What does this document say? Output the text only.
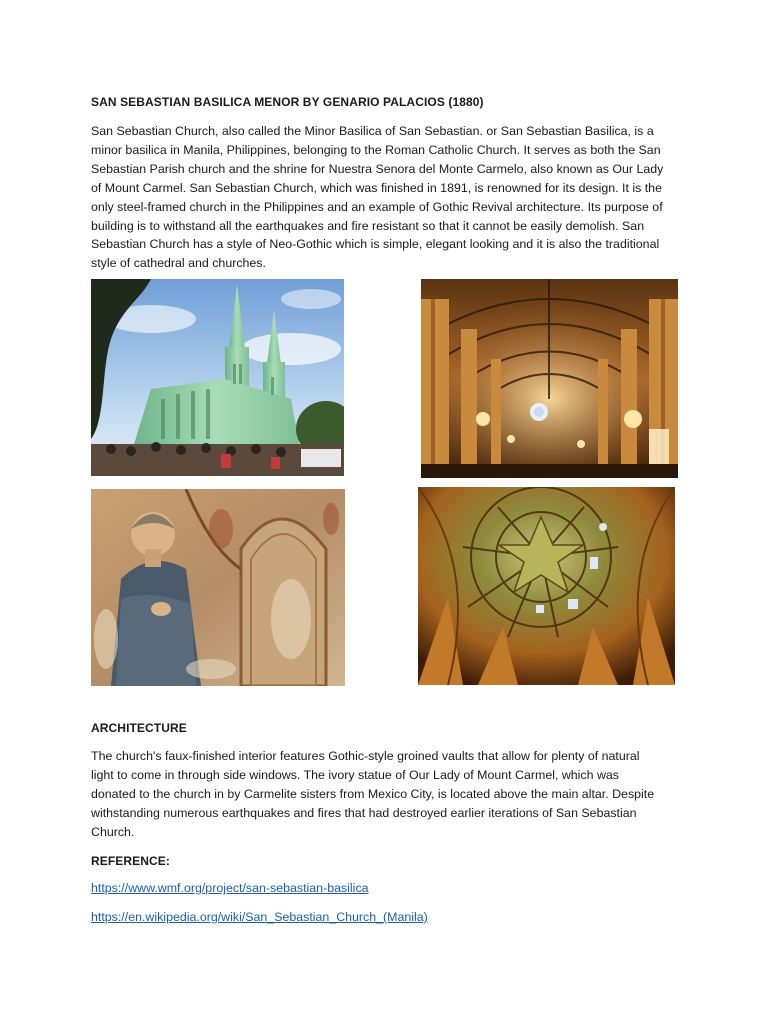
SAN SEBASTIAN BASILICA MENOR BY GENARIO PALACIOS (1880)
San Sebastian Church, also called the Minor Basilica of San Sebastian. or San Sebastian Basilica, is a
minor basilica in Manila, Philippines, belonging to the Roman Catholic Church. It serves as both the San
Sebastian Parish church and the shrine for Nuestra Senora del Monte Carmelo, also known as Our Lady
of Mount Carmel. San Sebastian Church, which was finished in 1891, is renowned for its design. It is the
only steel-framed church in the Philippines and an example of Gothic Revival architecture. Its purpose of
building is to withstand all the earthquakes and fire resistant so that it cannot be easily demolish. San
Sebastian Church has a style of Neo-Gothic which is simple, elegant looking and it is also the traditional
style of cathedral and churches.
ARCHITECTURE
The church's faux-finished interior features Gothic-style groined vaults that allow for plenty of natural
light to come in through side windows. The ivory statue of Our Lady of Mount Carmel, which was
donated to the church in by Carmelite sisters from Mexico City, is located above the main altar. Despite
withstanding numerous earthquakes and fires that had destroyed earlier iterations of San Sebastian
Church.
REFERENCE:
https://www.wmf.org/project/san-sebastian-basilica
https://en.wikipedia.org/wiki/San_Sebastian_Church_(Manila)
